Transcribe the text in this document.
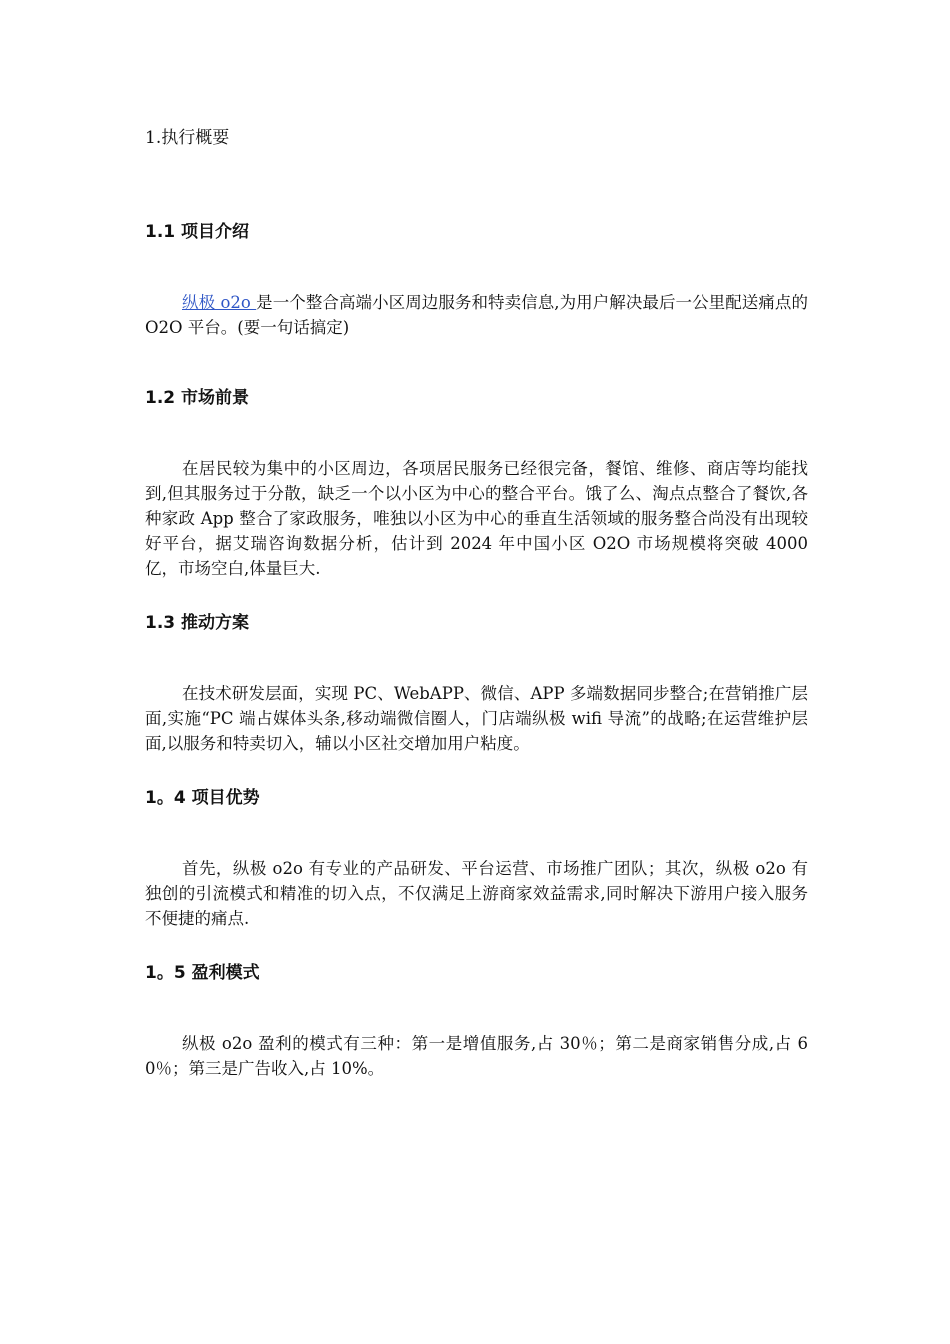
1.执行概要
1.1 项目介绍

纵极 o2o 是一个整合高端小区周边服务和特卖信息,为用户解决最后一公里配送痛点的 O2O 平台。(要一句话搞定)

1.2 市场前景

在居民较为集中的小区周边，各项居民服务已经很完备，餐馆、维修、商店等均能找到,但其服务过于分散，缺乏一个以小区为中心的整合平台。饿了么、淘点点整合了餐饮,各种家政 App 整合了家政服务，唯独以小区为中心的垂直生活领域的服务整合尚没有出现较好平台，据艾瑞咨询数据分析，估计到 2024 年中国小区 O2O 市场规模将突破 4000 亿，市场空白,体量巨大.

1.3 推动方案

在技术研发层面，实现 PC、WebAPP、微信、APP 多端数据同步整合;在营销推广层面,实施“PC 端占媒体头条,移动端微信圈人，门店端纵极 wifi 导流”的战略;在运营维护层面,以服务和特卖切入，辅以小区社交增加用户粘度。

1。4 项目优势

首先，纵极 o2o 有专业的产品研发、平台运营、市场推广团队；其次，纵极 o2o 有独创的引流模式和精准的切入点，不仅满足上游商家效益需求,同时解决下游用户接入服务不便捷的痛点.

1。5 盈利模式

纵极 o2o 盈利的模式有三种：第一是增值服务,占 30％；第二是商家销售分成,占 60％；第三是广告收入,占 10%。
